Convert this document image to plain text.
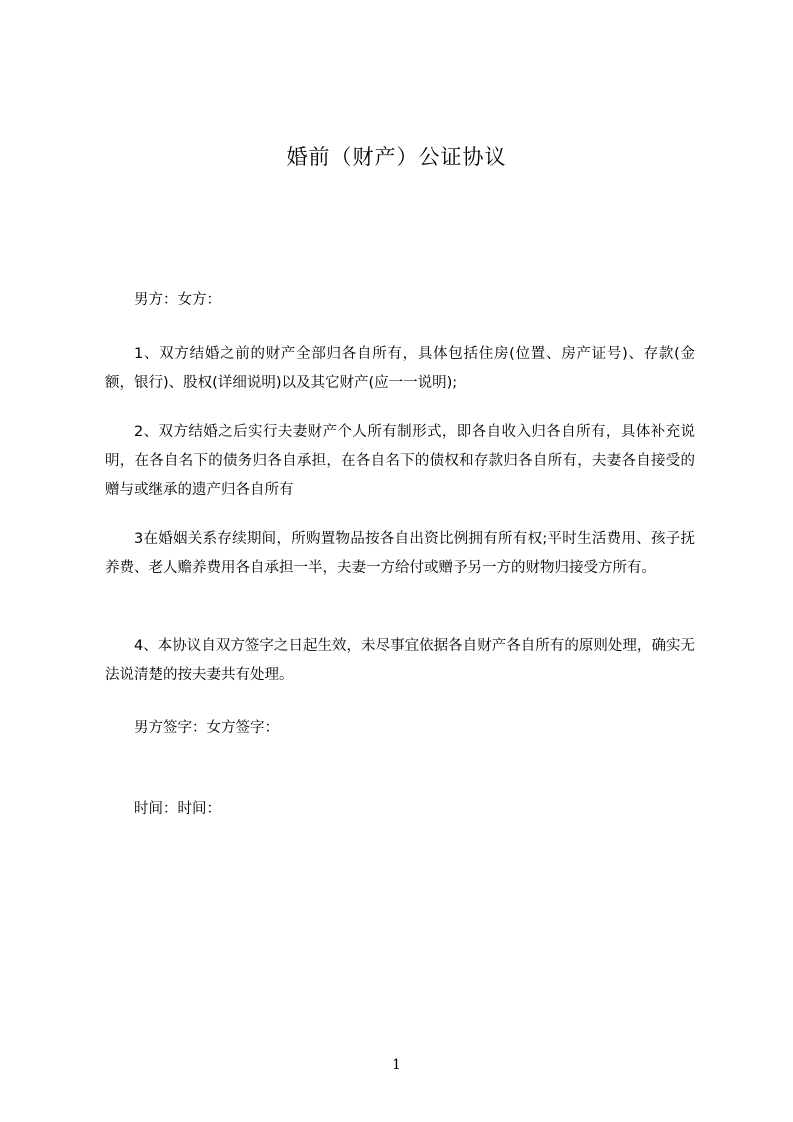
婚前（财产）公证协议
男方：女方：
1、双方结婚之前的财产全部归各自所有，具体包括住房(位置、房产证号)、存款(金额，银行)、股权(详细说明)以及其它财产(应一一说明);
2、双方结婚之后实行夫妻财产个人所有制形式，即各自收入归各自所有，具体补充说明，在各自名下的债务归各自承担，在各自名下的债权和存款归各自所有，夫妻各自接受的赠与或继承的遗产归各自所有
3在婚姻关系存续期间，所购置物品按各自出资比例拥有所有权;平时生活费用、孩子抚养费、老人赡养费用各自承担一半，夫妻一方给付或赠予另一方的财物归接受方所有。
4、本协议自双方签字之日起生效，未尽事宜依据各自财产各自所有的原则处理，确实无法说清楚的按夫妻共有处理。
男方签字：女方签字：
时间：时间：
1
